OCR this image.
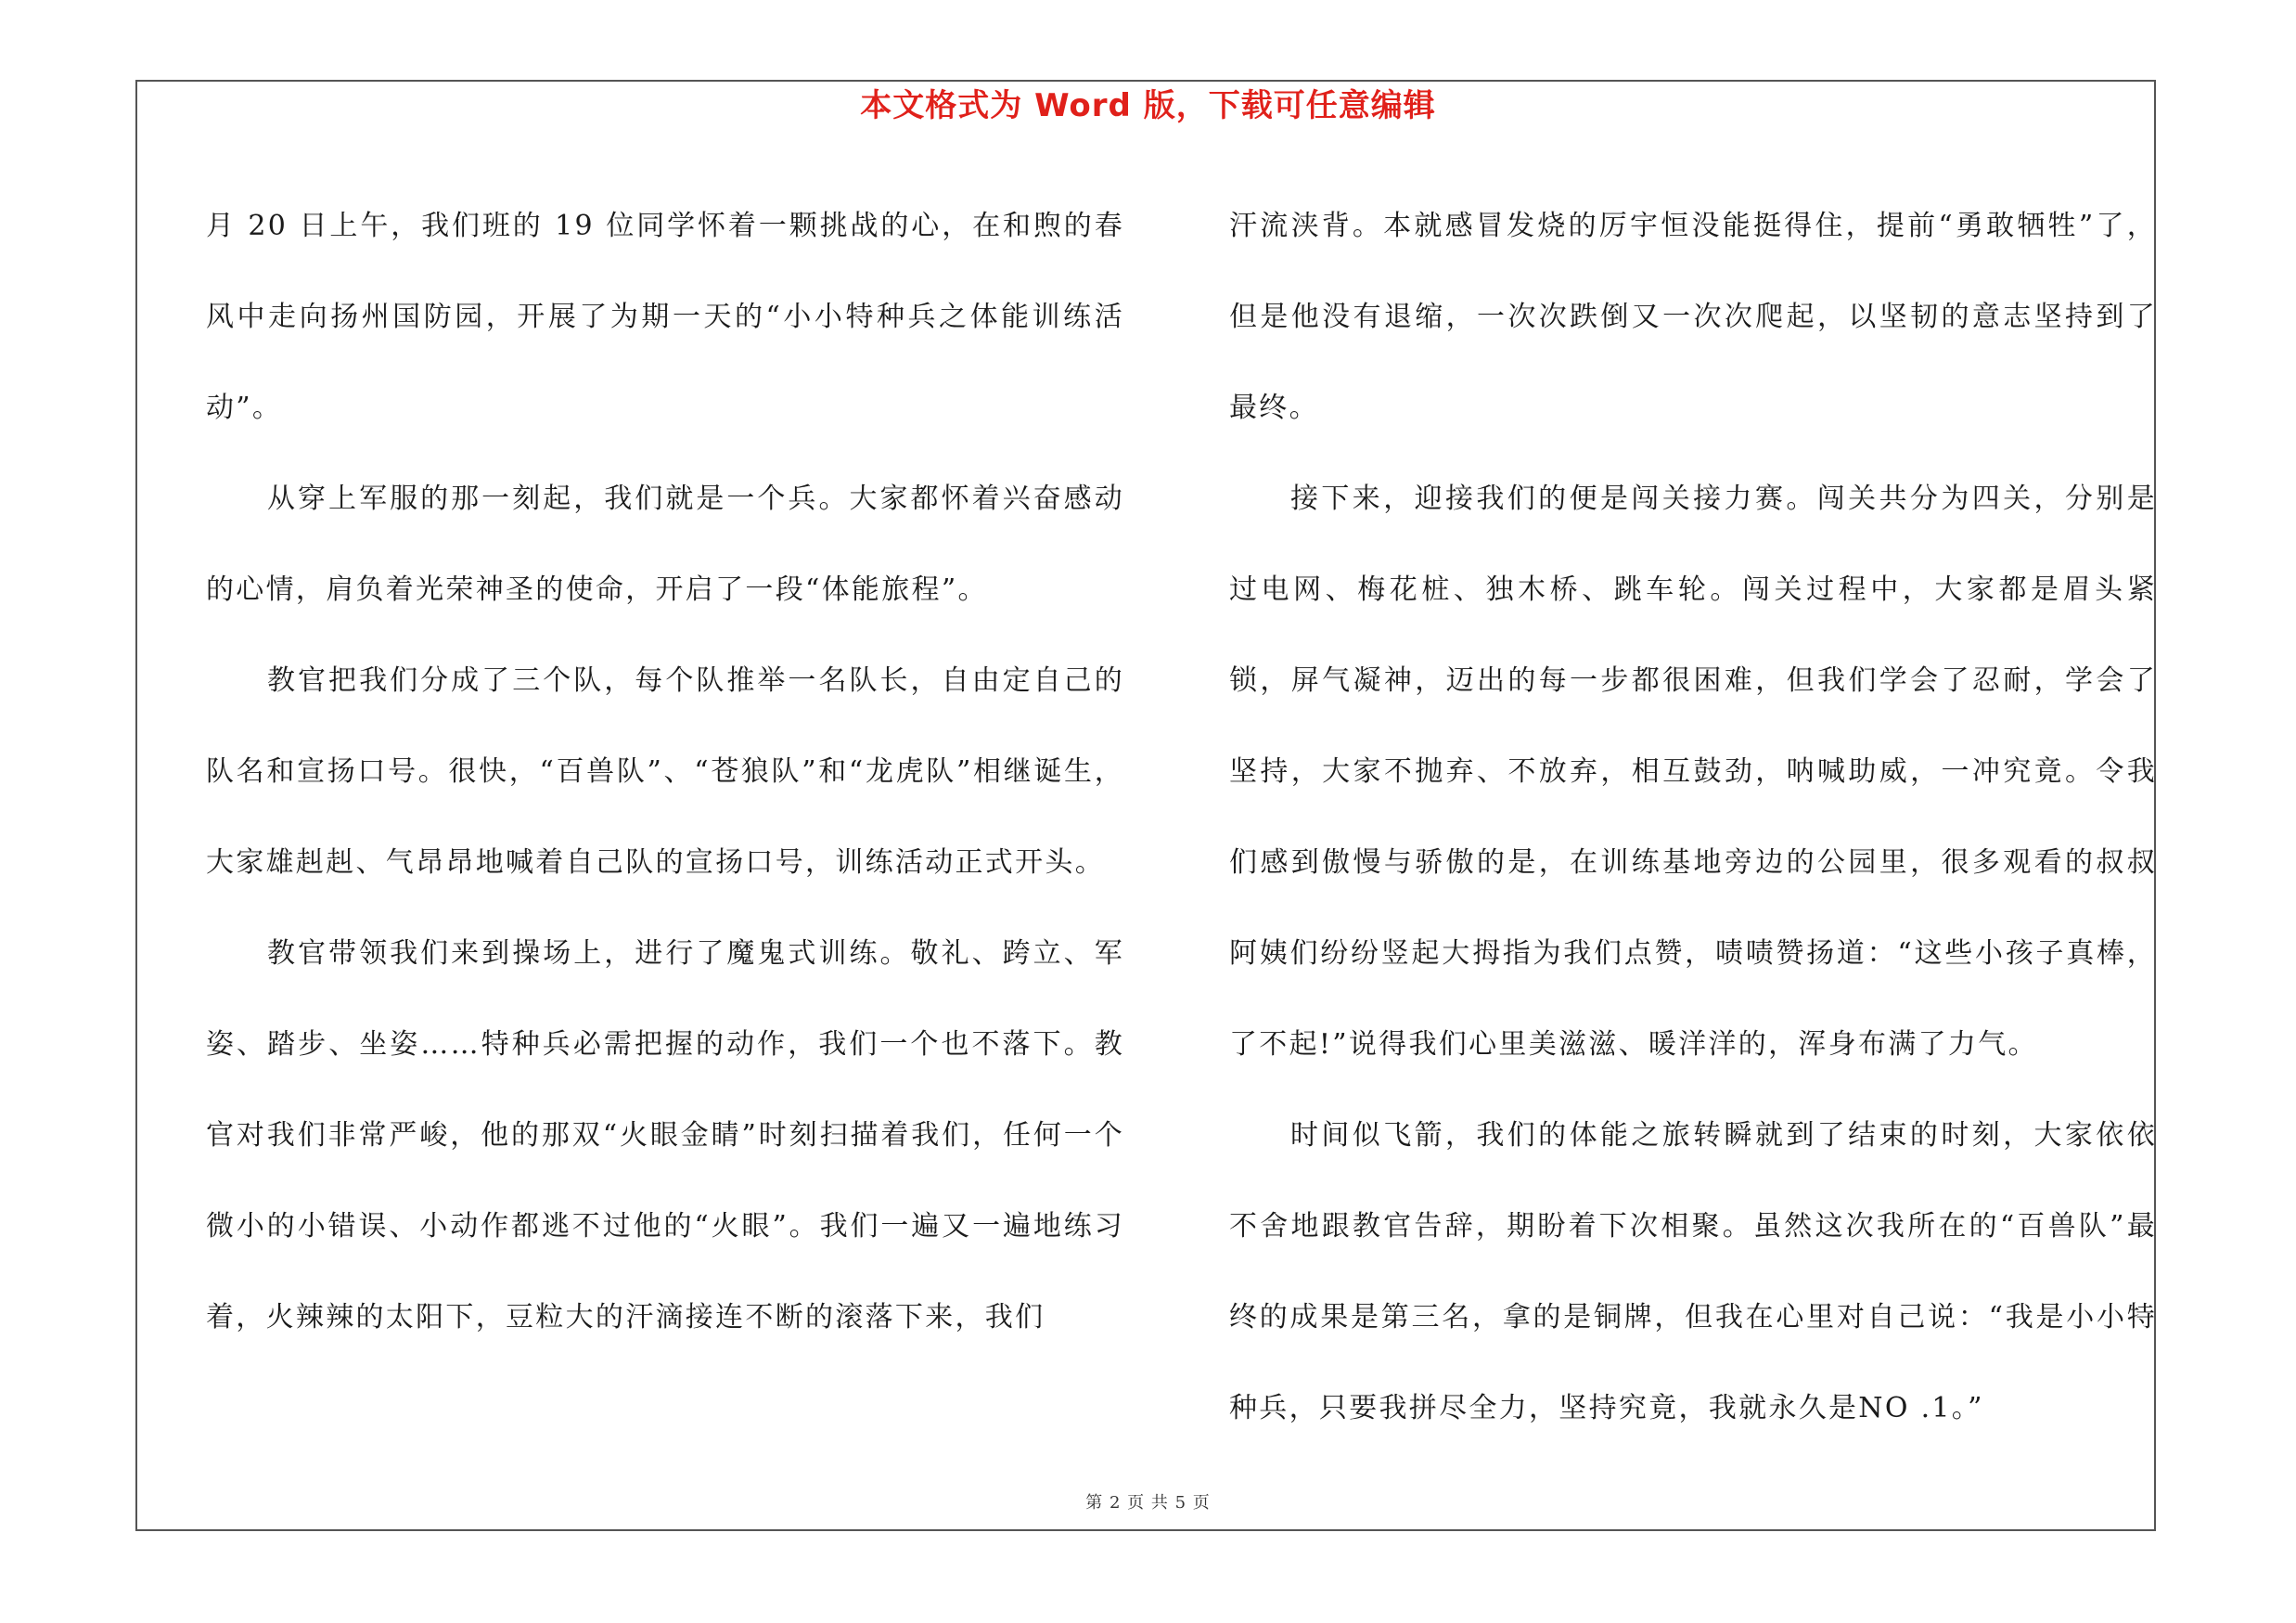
本文格式为 Word 版，下载可任意编辑

月 20 日上午，我们班的 19 位同学怀着一颗挑战的心，在和煦的春风中走向扬州国防园，开展了为期一天的“小小特种兵之体能训练活动”。

从穿上军服的那一刻起，我们就是一个兵。大家都怀着兴奋感动的心情，肩负着光荣神圣的使命，开启了一段“体能旅程”。

教官把我们分成了三个队，每个队推举一名队长，自由定自己的队名和宣扬口号。很快，“百兽队”、“苍狼队”和“龙虎队”相继诞生，大家雄赳赳、气昂昂地喊着自己队的宣扬口号，训练活动正式开头。

教官带领我们来到操场上，进行了魔鬼式训练。敬礼、跨立、军姿、踏步、坐姿……特种兵必需把握的动作，我们一个也不落下。教官对我们非常严峻，他的那双“火眼金睛”时刻扫描着我们，任何一个微小的小错误、小动作都逃不过他的“火眼”。我们一遍又一遍地练习着，火辣辣的太阳下，豆粒大的汗滴接连不断的滚落下来，我们

汗流浃背。本就感冒发烧的厉宇恒没能挺得住，提前“勇敢牺牲”了，但是他没有退缩，一次次跌倒又一次次爬起，以坚韧的意志坚持到了最终。

接下来，迎接我们的便是闯关接力赛。闯关共分为四关，分别是过电网、梅花桩、独木桥、跳车轮。闯关过程中，大家都是眉头紧锁，屏气凝神，迈出的每一步都很困难，但我们学会了忍耐，学会了坚持，大家不抛弃、不放弃，相互鼓劲，呐喊助威，一冲究竟。令我们感到傲慢与骄傲的是，在训练基地旁边的公园里，很多观看的叔叔阿姨们纷纷竖起大拇指为我们点赞，啧啧赞扬道：“这些小孩子真棒，了不起!”说得我们心里美滋滋、暖洋洋的，浑身布满了力气。

时间似飞箭，我们的体能之旅转瞬就到了结束的时刻，大家依依不舍地跟教官告辞，期盼着下次相聚。虽然这次我所在的“百兽队”最终的成果是第三名，拿的是铜牌，但我在心里对自己说：“我是小小特种兵，只要我拼尽全力，坚持究竟，我就永久是NO .1。”

第 2 页 共 5 页
